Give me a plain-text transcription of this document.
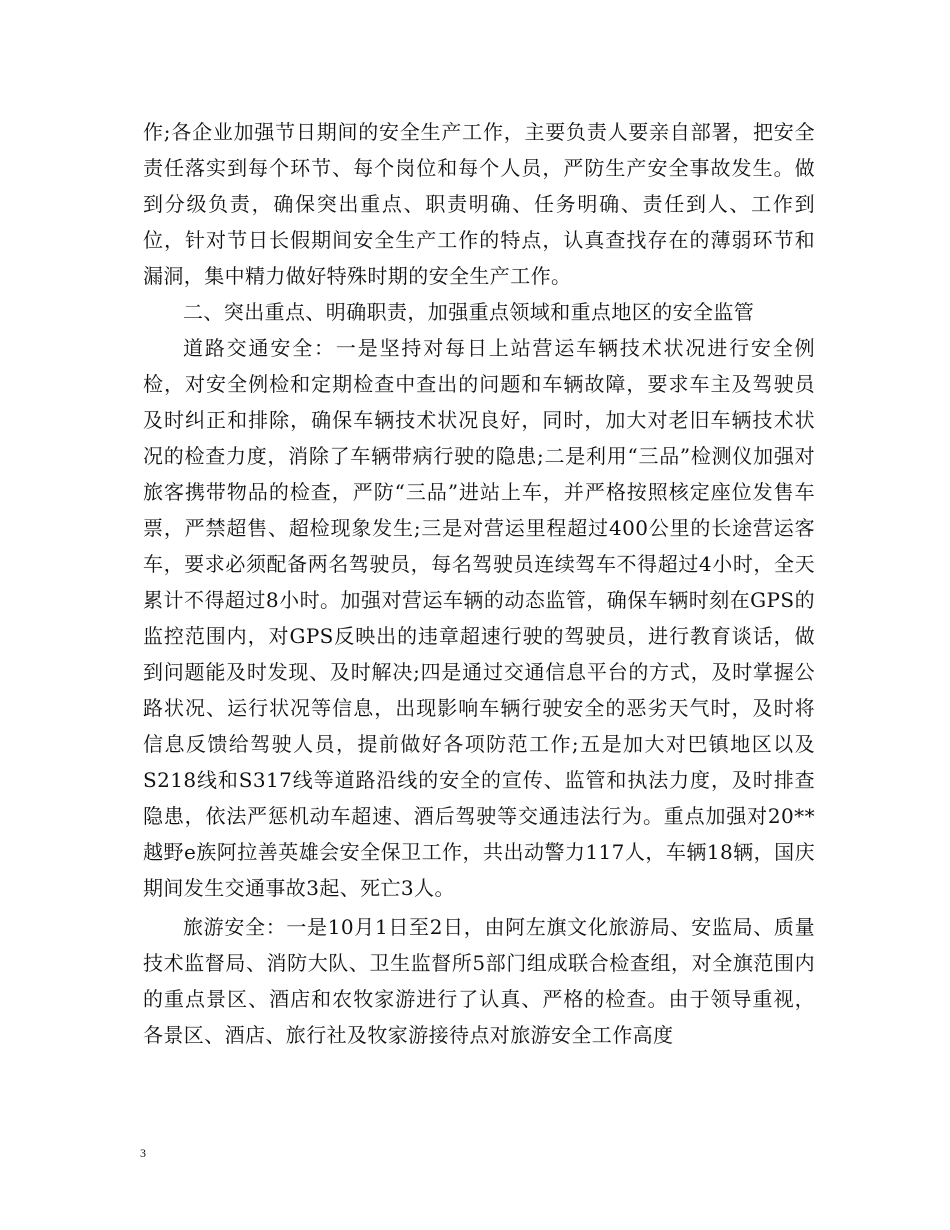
作;各企业加强节日期间的安全生产工作，主要负责人要亲自部署，把安全责任落实到每个环节、每个岗位和每个人员，严防生产安全事故发生。做到分级负责，确保突出重点、职责明确、任务明确、责任到人、工作到位，针对节日长假期间安全生产工作的特点，认真查找存在的薄弱环节和漏洞，集中精力做好特殊时期的安全生产工作。

二、突出重点、明确职责，加强重点领域和重点地区的安全监管

道路交通安全：一是坚持对每日上站营运车辆技术状况进行安全例检，对安全例检和定期检查中查出的问题和车辆故障，要求车主及驾驶员及时纠正和排除，确保车辆技术状况良好，同时，加大对老旧车辆技术状况的检查力度，消除了车辆带病行驶的隐患;二是利用“三品”检测仪加强对旅客携带物品的检查，严防“三品”进站上车，并严格按照核定座位发售车票，严禁超售、超检现象发生;三是对营运里程超过400公里的长途营运客车，要求必须配备两名驾驶员，每名驾驶员连续驾车不得超过4小时，全天累计不得超过8小时。加强对营运车辆的动态监管，确保车辆时刻在GPS的监控范围内，对GPS反映出的违章超速行驶的驾驶员，进行教育谈话，做到问题能及时发现、及时解决;四是通过交通信息平台的方式，及时掌握公路状况、运行状况等信息，出现影响车辆行驶安全的恶劣天气时，及时将信息反馈给驾驶人员，提前做好各项防范工作;五是加大对巴镇地区以及S218线和S317线等道路沿线的安全的宣传、监管和执法力度，及时排查隐患，依法严惩机动车超速、酒后驾驶等交通违法行为。重点加强对20**越野e族阿拉善英雄会安全保卫工作，共出动警力117人，车辆18辆，国庆期间发生交通事故3起、死亡3人。

旅游安全：一是10月1日至2日，由阿左旗文化旅游局、安监局、质量技术监督局、消防大队、卫生监督所5部门组成联合检查组，对全旗范围内的重点景区、酒店和农牧家游进行了认真、严格的检查。由于领导重视，各景区、酒店、旅行社及牧家游接待点对旅游安全工作高度

3
